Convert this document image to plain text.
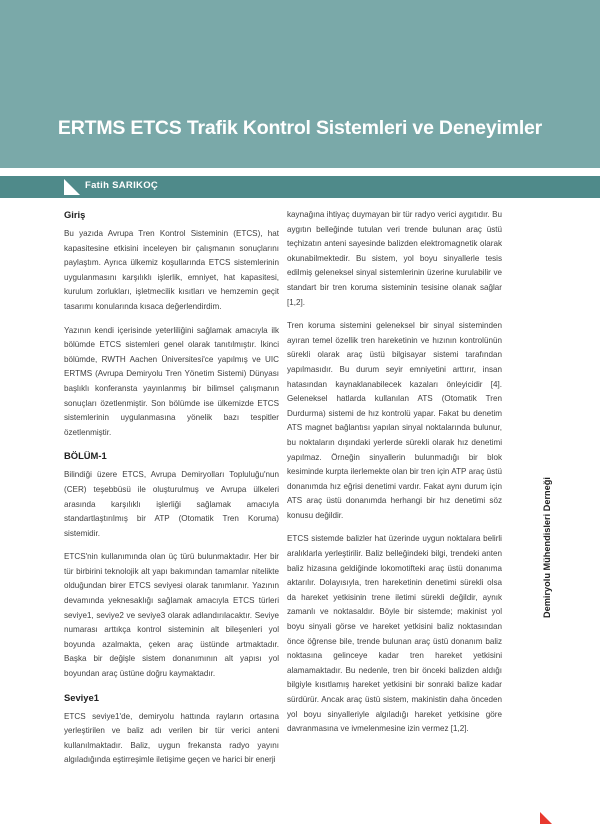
ERTMS ETCS Trafik Kontrol Sistemleri ve Deneyimler
Fatih SARIKOÇ
Giriş

Bu yazıda Avrupa Tren Kontrol Sisteminin (ETCS), hat kapasitesine etkisini inceleyen bir çalışmanın sonuçlarını paylaştım. Ayrıca ülkemiz koşullarında ETCS sistemlerinin uygulanmasını karşılıklı işlerlik, emniyet, hat kapasitesi, kurulum zorlukları, işletmecilik kısıtları ve hemzemin geçit tasarımı konularında kısaca değerlendirdim.

Yazının kendi içerisinde yeterliliğini sağlamak amacıyla ilk bölümde ETCS sistemleri genel olarak tanıtılmıştır. İkinci bölümde, RWTH Aachen Üniversitesi'ce yapılmış ve UIC ERTMS (Avrupa Demiryolu Tren Yönetim Sistemi) Dünyası başlıklı konferansta yayınlanmış bir bilimsel çalışmanın sonuçları özetlenmiştir. Son bölümde ise ülkemizde ETCS sistemlerinin uygulanmasına yönelik bazı tespitler özetlenmiştir.

BÖLÜM-1

Bilindiği üzere ETCS, Avrupa Demiryolları Topluluğu'nun (CER) teşebbüsü ile oluşturulmuş ve Avrupa ülkeleri arasında karşılıklı işlerliği sağlamak amacıyla standartlaştırılmış bir ATP (Otomatik Tren Koruma) sistemidir.

ETCS'nin kullanımında olan üç türü bulunmaktadır. Her bir tür birbirini teknolojik alt yapı bakımından tamamlar nitelikte olduğundan birer ETCS seviyesi olarak tanımlanır. Yazının devamında yeknesaklığı sağlamak amacıyla ETCS türleri seviye1, seviye2 ve seviye3 olarak adlandırılacaktır. Seviye numarası arttıkça kontrol sisteminin alt bileşenleri yol boyunda azalmakta, çeken araç üstünde artmaktadır. Başka bir değişle sistem donanımının alt yapısı yol boyundan araç üstüne doğru kaymaktadır.

Seviye1

ETCS seviye1'de, demiryolu hattında rayların ortasına yerleştirilen ve baliz adı verilen bir tür verici anteni kullanılmaktadır. Baliz, uygun frekansta radyo yayını algıladığında eştirreşimle iletişime geçen ve harici bir enerji

kaynağına ihtiyaç duymayan bir tür radyo verici aygıtıdır. Bu aygıtın belleğinde tutulan veri trende bulunan araç üstü teçhizatın anteni sayesinde balizden elektromagnetik olarak okunabilmektedir. Bu sistem, yol boyu sinyallerle tesis edilmiş geleneksel sinyal sistemlerinin üzerine kurulabilir ve standart bir tren koruma sisteminin tesisine olanak sağlar [1,2].

Tren koruma sistemini geleneksel bir sinyal sisteminden ayıran temel özellik tren hareketinin ve hızının kontrolünün sürekli olarak araç üstü bilgisayar sistemi tarafından yapılmasıdır. Bu durum seyir emniyetini arttırır, insan hatasından kaynaklanabilecek kazaları önleyicidir [4]. Geleneksel hatlarda kullanılan ATS (Otomatik Tren Durdurma) sistemi de hız kontrolü yapar. Fakat bu denetim ATS magnet bağlantısı yapılan sinyal noktalarında bulunur, bu noktaların dışındaki yerlerde sürekli olarak hız denetimi yapılmaz. Örneğin sinyallerin bulunmadığı bir blok kesiminde kurpta ilerlemekte olan bir tren için ATP araç üstü donanımda hız eğrisi denetimi vardır. Fakat aynı durum için ATS araç üstü donanımda herhangi bir hız denetimi söz konusu değildir.

ETCS sistemde balizler hat üzerinde uygun noktalara belirli aralıklarla yerleştirilir. Baliz belleğindeki bilgi, trendeki anten baliz hizasına geldiğinde lokomotifteki araç üstü donanıma aktarılır. Dolayısıyla, tren hareketinin denetimi sürekli olsa da hareket yetkisinin trene iletimi sürekli değildir, aynık zamanlı ve noktasaldır. Böyle bir sistemde; makinist yol boyu sinyali görse ve hareket yetkisini baliz noktasından önce öğrense bile, trende bulunan araç üstü donanım baliz noktasına gelinceye kadar tren hareket yetkisini alamamaktadır. Bu nedenle, tren bir önceki balizden aldığı bilgiyle kısıtlamış hareket yetkisini bir sonraki balize kadar sürdürür. Ancak araç üstü sistem, makinistin daha önceden yol boyu sinyalleriyle algıladığı hareket yetkisine göre davranmasına ve ivmelenmesine izin vermez [1,2].

Demiryolu Mühendisleri Derneği
